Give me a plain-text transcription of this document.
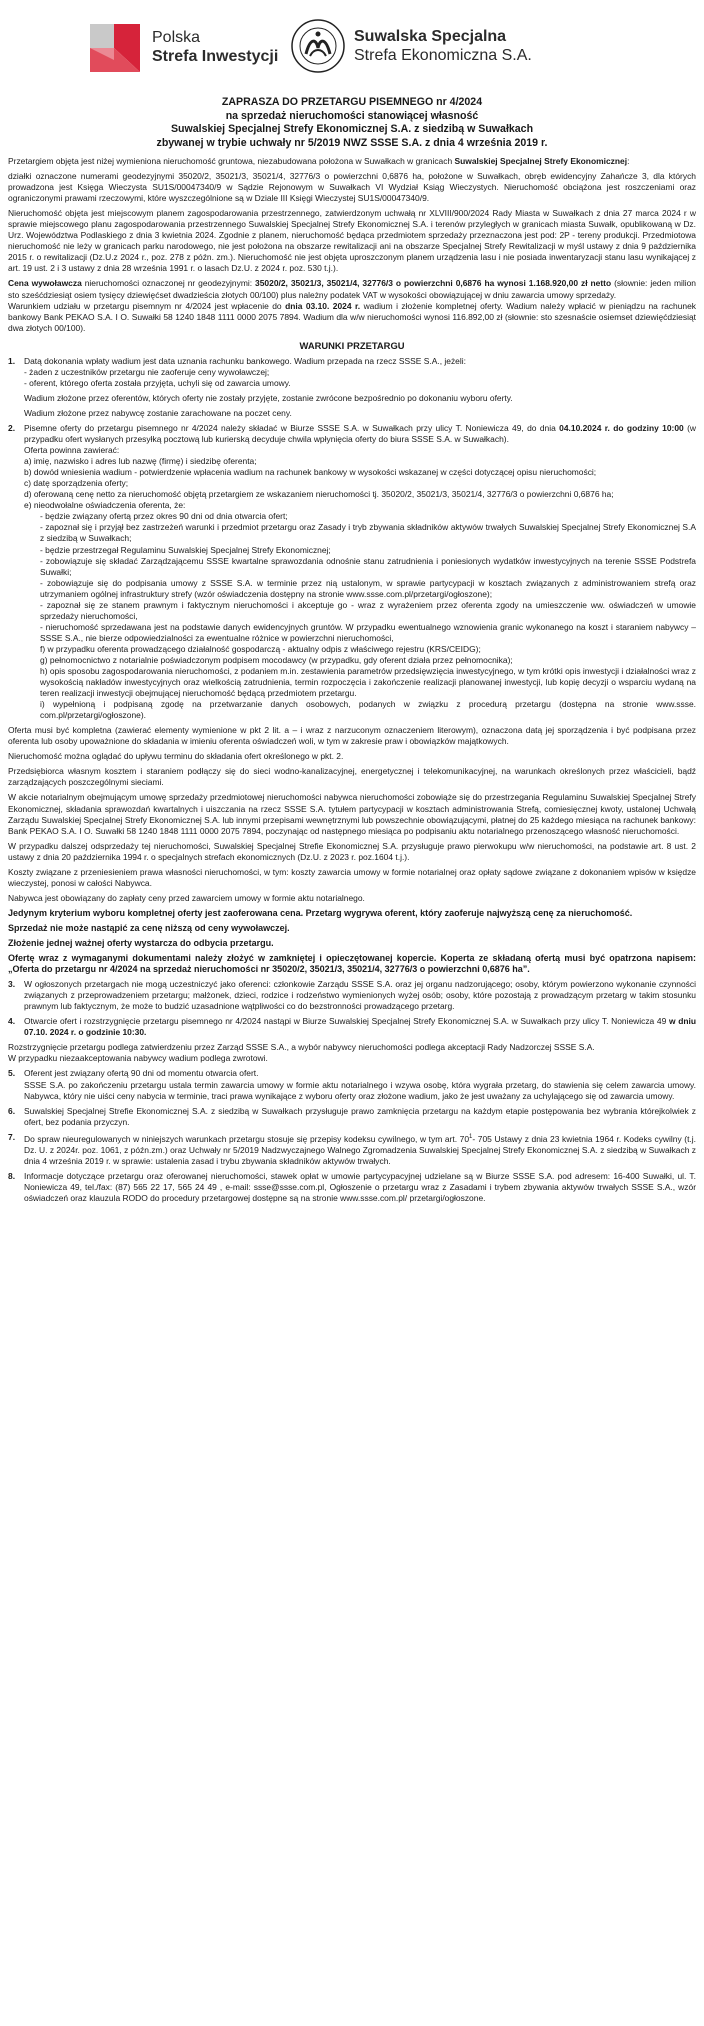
Polska
Strefa Inwestycji
Suwalska Specjalna
Strefa Ekonomiczna S.A.
ZAPRASZA DO PRZETARGU PISEMNEGO nr 4/2024
na sprzedaż nieruchomości stanowiącej własność
Suwalskiej Specjalnej Strefy Ekonomicznej S.A. z siedzibą w Suwałkach
zbywanej w trybie uchwały nr 5/2019 NWZ SSSE S.A. z dnia 4 września 2019 r.

Przetargiem objęta jest niżej wymieniona nieruchomość gruntowa, niezabudowana położona w Suwałkach w granicach Suwalskiej Specjalnej Strefy Ekonomicznej:

działki oznaczone numerami geodezyjnymi 35020/2, 35021/3, 35021/4, 32776/3 o powierzchni 0,6876 ha, położone w Suwałkach, obręb ewidencyjny Zahańcze 3, dla których prowadzona jest Księga Wieczysta SU1S/00047340/9 w Sądzie Rejonowym w Suwałkach VI Wydział Ksiąg Wieczystych. Nieruchomość obciążona jest roszczeniami oraz ograniczonymi prawami rzeczowymi, które wyszczególnione są w Dziale III Księgi Wieczystej SU1S/00047340/9.

Nieruchomość objęta jest miejscowym planem zagospodarowania przestrzennego, zatwierdzonym uchwałą nr XLVIII/900/2024 Rady Miasta w Suwałkach z dnia 27 marca 2024 r w sprawie miejscowego planu zagospodarowania przestrzennego Suwalskiej Specjalnej Strefy Ekonomicznej S.A. i terenów przyległych w granicach miasta Suwałk, opublikowaną w Dz. Urz. Województwa Podlaskiego z dnia 3 kwietnia 2024. Zgodnie z planem, nieruchomość będąca przedmiotem sprzedaży przeznaczona jest pod: 2P - tereny produkcji. Przedmiotowa nieruchomość nie leży w granicach parku narodowego, nie jest położona na obszarze rewitalizacji ani na obszarze Specjalnej Strefy Rewitalizacji w myśl ustawy z dnia 9 października 2015 r. o rewitalizacji (Dz.U.z 2024 r., poz. 278 z późn. zm.). Nieruchomość nie jest objęta uproszczonym planem urządzenia lasu i nie posiada inwentaryzacji stanu lasu wynikającej z art. 19 ust. 2 i 3 ustawy z dnia 28 września 1991 r. o lasach Dz.U. z 2024 r. poz. 530 t.j.).

Cena wywoławcza nieruchomości oznaczonej nr geodezyjnymi: 35020/2, 35021/3, 35021/4, 32776/3 o powierzchni 0,6876 ha wynosi 1.168.920,00 zł netto (słownie: jeden milion sto sześćdziesiąt osiem tysięcy dziewięćset dwadzieścia złotych 00/100) plus należny podatek VAT w wysokości obowiązującej w dniu zawarcia umowy sprzedaży.

Warunkiem udziału w przetargu pisemnym nr 4/2024 jest wpłacenie do dnia 03.10. 2024 r. wadium i złożenie kompletnej oferty. Wadium należy wpłacić w pieniądzu na rachunek bankowy Bank PEKAO S.A. I O. Suwałki 58 1240 1848 1111 0000 2075 7894. Wadium dla w/w nieruchomości wynosi 116.892,00 zł (słownie: sto szesnaście osiemset dziewięćdziesiąt dwa złotych 00/100).

WARUNKI PRZETARGU
1.	Datą dokonania wpłaty wadium jest data uznania rachunku bankowego. Wadium przepada na rzecz SSSE S.A., jeżeli:
- żaden z uczestników przetargu nie zaoferuje ceny wywoławczej;
- oferent, którego oferta została przyjęta, uchyli się od zawarcia umowy.
Wadium złożone przez oferentów, których oferty nie zostały przyjęte, zostanie zwrócone bezpośrednio po dokonaniu wyboru oferty.
Wadium złożone przez nabywcę zostanie zarachowane na poczet ceny.
2.	Pisemne oferty do przetargu pisemnego nr 4/2024 należy składać w Biurze SSSE S.A. w Suwałkach przy ulicy T. Noniewicza 49, do dnia 04.10.2024 r. do godziny 10:00 (w przypadku ofert wysłanych przesyłką pocztową lub kurierską decyduje chwila wpłynięcia oferty do biura SSSE S.A. w Suwałkach).
Oferta powinna zawierać:
a) imię, nazwisko i adres lub nazwę (firmę) i siedzibę oferenta;
b) dowód wniesienia wadium - potwierdzenie wpłacenia wadium na rachunek bankowy w wysokości wskazanej w części dotyczącej opisu nieruchomości;
c) datę sporządzenia oferty;
d) oferowaną cenę netto za nieruchomość objętą przetargiem ze wskazaniem nieruchomości tj. 35020/2, 35021/3, 35021/4, 32776/3 o powierzchni 0,6876 ha;
e) nieodwołalne oświadczenia oferenta, że:
- będzie związany ofertą przez okres 90 dni od dnia otwarcia ofert;
- zapoznał się i przyjął bez zastrzeżeń warunki i przedmiot przetargu oraz Zasady i tryb zbywania składników aktywów trwałych Suwalskiej Specjalnej Strefy Ekonomicznej S.A z siedzibą w Suwałkach;
- będzie przestrzegał Regulaminu Suwalskiej Specjalnej Strefy Ekonomicznej;
- zobowiązuje się składać Zarządzającemu SSSE kwartalne sprawozdania odnośnie stanu zatrudnienia i poniesionych wydatków inwestycyjnych na terenie SSSE Podstrefa Suwałki;
- zobowiązuje się do podpisania umowy z SSSE S.A. w terminie przez nią ustalonym, w sprawie partycypacji w kosztach związanych z administrowaniem strefą oraz utrzymaniem ogólnej infrastruktury strefy (wzór oświadczenia dostępny na stronie www.ssse.com.pl/przetargi/ogłoszone);
- zapoznał się ze stanem prawnym i faktycznym nieruchomości i akceptuje go - wraz z wyrażeniem przez oferenta zgody na umieszczenie ww. oświadczeń w umowie sprzedaży nieruchomości,
- nieruchomość sprzedawana jest na podstawie danych ewidencyjnych gruntów. W przypadku ewentualnego wznowienia granic wykonanego na koszt i staraniem nabywcy – SSSE S.A., nie bierze odpowiedzialności za ewentualne różnice w powierzchni nieruchomości,
f) w przypadku oferenta prowadzącego działalność gospodarczą - aktualny odpis z właściwego rejestru (KRS/CEIDG);
g) pełnomocnictwo z notarialnie poświadczonym podpisem mocodawcy (w przypadku, gdy oferent działa przez pełnomocnika);
h) opis sposobu zagospodarowania nieruchomości, z podaniem m.in. zestawienia parametrów przedsięwzięcia inwestycyjnego, w tym krótki opis inwestycji i działalności wraz z wysokością nakładów inwestycyjnych oraz wielkością zatrudnienia, termin rozpoczęcia i zakończenie realizacji planowanej inwestycji, lub kopię decyzji o wsparciu wydaną na teren realizacji inwestycji obejmującej nieruchomość będącą przedmiotem przetargu.
i) wypełnioną i podpisaną zgodę na przetwarzanie danych osobowych, podanych w związku z procedurą przetargu (dostępna na stronie www.ssse. com.pl/przetargi/ogłoszone).

Oferta musi być kompletna (zawierać elementy wymienione w pkt 2 lit. a – i wraz z narzuconym oznaczeniem literowym), oznaczona datą jej sporządzenia i być podpisana przez oferenta lub osoby upoważnione do składania w imieniu oferenta oświadczeń woli, w tym w zakresie praw i obowiązków majątkowych.

Nieruchomość można oglądać do upływu terminu do składania ofert określonego w pkt. 2.

Przedsiębiorca własnym kosztem i staraniem podłączy się do sieci wodno-kanalizacyjnej, energetycznej i telekomunikacyjnej, na warunkach określonych przez właścicieli, bądź zarządzających poszczególnymi sieciami.

W akcie notarialnym obejmującym umowę sprzedaży przedmiotowej nieruchomości nabywca nieruchomości zobowiąże się do przestrzegania Regulaminu Suwalskiej Specjalnej Strefy Ekonomicznej, składania sprawozdań kwartalnych i uiszczania na rzecz SSSE S.A. tytułem partycypacji w kosztach administrowania Strefą, comiesięcznej kwoty, ustalonej Uchwałą Zarządu Suwalskiej Specjalnej Strefy Ekonomicznej S.A. lub innymi przepisami wewnętrznymi lub powszechnie obowiązującymi, płatnej do 25 każdego miesiąca na rachunek bankowy: Bank PEKAO S.A. I O. Suwałki 58 1240 1848 1111 0000 2075 7894, poczynając od następnego miesiąca po podpisaniu aktu notarialnego przenoszącego własność nieruchomości.

W przypadku dalszej odsprzedaży tej nieruchomości, Suwalskiej Specjalnej Strefie Ekonomicznej S.A. przysługuje prawo pierwokupu w/w nieruchomości, na podstawie art. 8 ust. 2 ustawy z dnia 20 października 1994 r. o specjalnych strefach ekonomicznych (Dz.U. z 2023 r. poz.1604 t.j.).

Koszty związane z przeniesieniem prawa własności nieruchomości, w tym: koszty zawarcia umowy w formie notarialnej oraz opłaty sądowe związane z dokonaniem wpisów w księdze wieczystej, ponosi w całości Nabywca.

Nabywca jest obowiązany do zapłaty ceny przed zawarciem umowy w formie aktu notarialnego.

Jedynym kryterium wyboru kompletnej oferty jest zaoferowana cena. Przetarg wygrywa oferent, który zaoferuje najwyższą cenę za nieruchomość.

Sprzedaż nie może nastąpić za cenę niższą od ceny wywoławczej.

Złożenie jednej ważnej oferty wystarcza do odbycia przetargu.

Ofertę wraz z wymaganymi dokumentami należy złożyć w zamkniętej i opieczętowanej kopercie. Koperta ze składaną ofertą musi być opatrzona napisem: „Oferta do przetargu nr 4/2024 na sprzedaż nieruchomości nr 35020/2, 35021/3, 35021/4, 32776/3 o powierzchni 0,6876 ha”.

3.	W ogłoszonych przetargach nie mogą uczestniczyć jako oferenci: członkowie Zarządu SSSE S.A. oraz jej organu nadzorującego; osoby, którym powierzono wykonanie czynności związanych z przeprowadzeniem przetargu; małżonek, dzieci, rodzice i rodzeństwo wymienionych wyżej osób; osoby, które pozostają z prowadzącym przetarg w takim stosunku prawnym lub faktycznym, że może to budzić uzasadnione wątpliwości co do bezstronności prowadzącego przetarg.
4.	Otwarcie ofert i rozstrzygnięcie przetargu pisemnego nr 4/2024 nastąpi w Biurze Suwalskiej Specjalnej Strefy Ekonomicznej S.A. w Suwałkach przy ulicy T. Noniewicza 49 w dniu 07.10. 2024 r. o godzinie 10:30.
Rozstrzygnięcie przetargu podlega zatwierdzeniu przez Zarząd SSSE S.A., a wybór nabywcy nieruchomości podlega akceptacji Rady Nadzorczej SSSE S.A.

W przypadku niezaakceptowania nabywcy wadium podlega zwrotowi.

5.	Oferent jest związany ofertą 90 dni od momentu otwarcia ofert.
SSSE S.A. po zakończeniu przetargu ustala termin zawarcia umowy w formie aktu notarialnego i wzywa osobę, która wygrała przetarg, do stawienia się celem zawarcia umowy. Nabywca, który nie uiści ceny nabycia w terminie, traci prawa wynikające z wyboru oferty oraz złożone wadium, jako że jest uważany za uchylającego się od zawarcia umowy.
6.	Suwalskiej Specjalnej Strefie Ekonomicznej S.A. z siedzibą w Suwałkach przysługuje prawo zamknięcia przetargu na każdym etapie postępowania bez wybrania którejkolwiek z ofert, bez podania przyczyn.
7.	Do spraw nieuregulowanych w niniejszych warunkach przetargu stosuje się przepisy kodeksu cywilnego, w tym art. $70^1-$ 705 Ustawy z dnia 23 kwietnia 1964 r. Kodeks cywilny (t.j. Dz. U. z 2024r. poz. 1061, z późn.zm.) oraz Uchwały nr 5/2019 Nadzwyczajnego Walnego Zgromadzenia Suwalskiej Specjalnej Strefy Ekonomicznej S.A. z siedzibą w Suwałkach z dnia 4 września 2019 r. w sprawie: ustalenia zasad i trybu zbywania składników aktywów trwałych.
8.	Informacje dotyczące przetargu oraz oferowanej nieruchomości, stawek opłat w umowie partycypacyjnej udzielane są w Biurze SSSE S.A. pod adresem: 16-400 Suwałki, ul. T. Noniewicza 49, tel./fax: (87) 565 22 17, 565 24 49 , e-mail: ssse@ssse.com.pl, Ogłoszenie o przetargu wraz z Zasadami i trybem zbywania aktywów trwałych SSSE S.A., wzór oświadczeń oraz klauzula RODO do procedury przetargowej dostępne są na stronie www.ssse.com.pl/ przetargi/ogłoszone.
